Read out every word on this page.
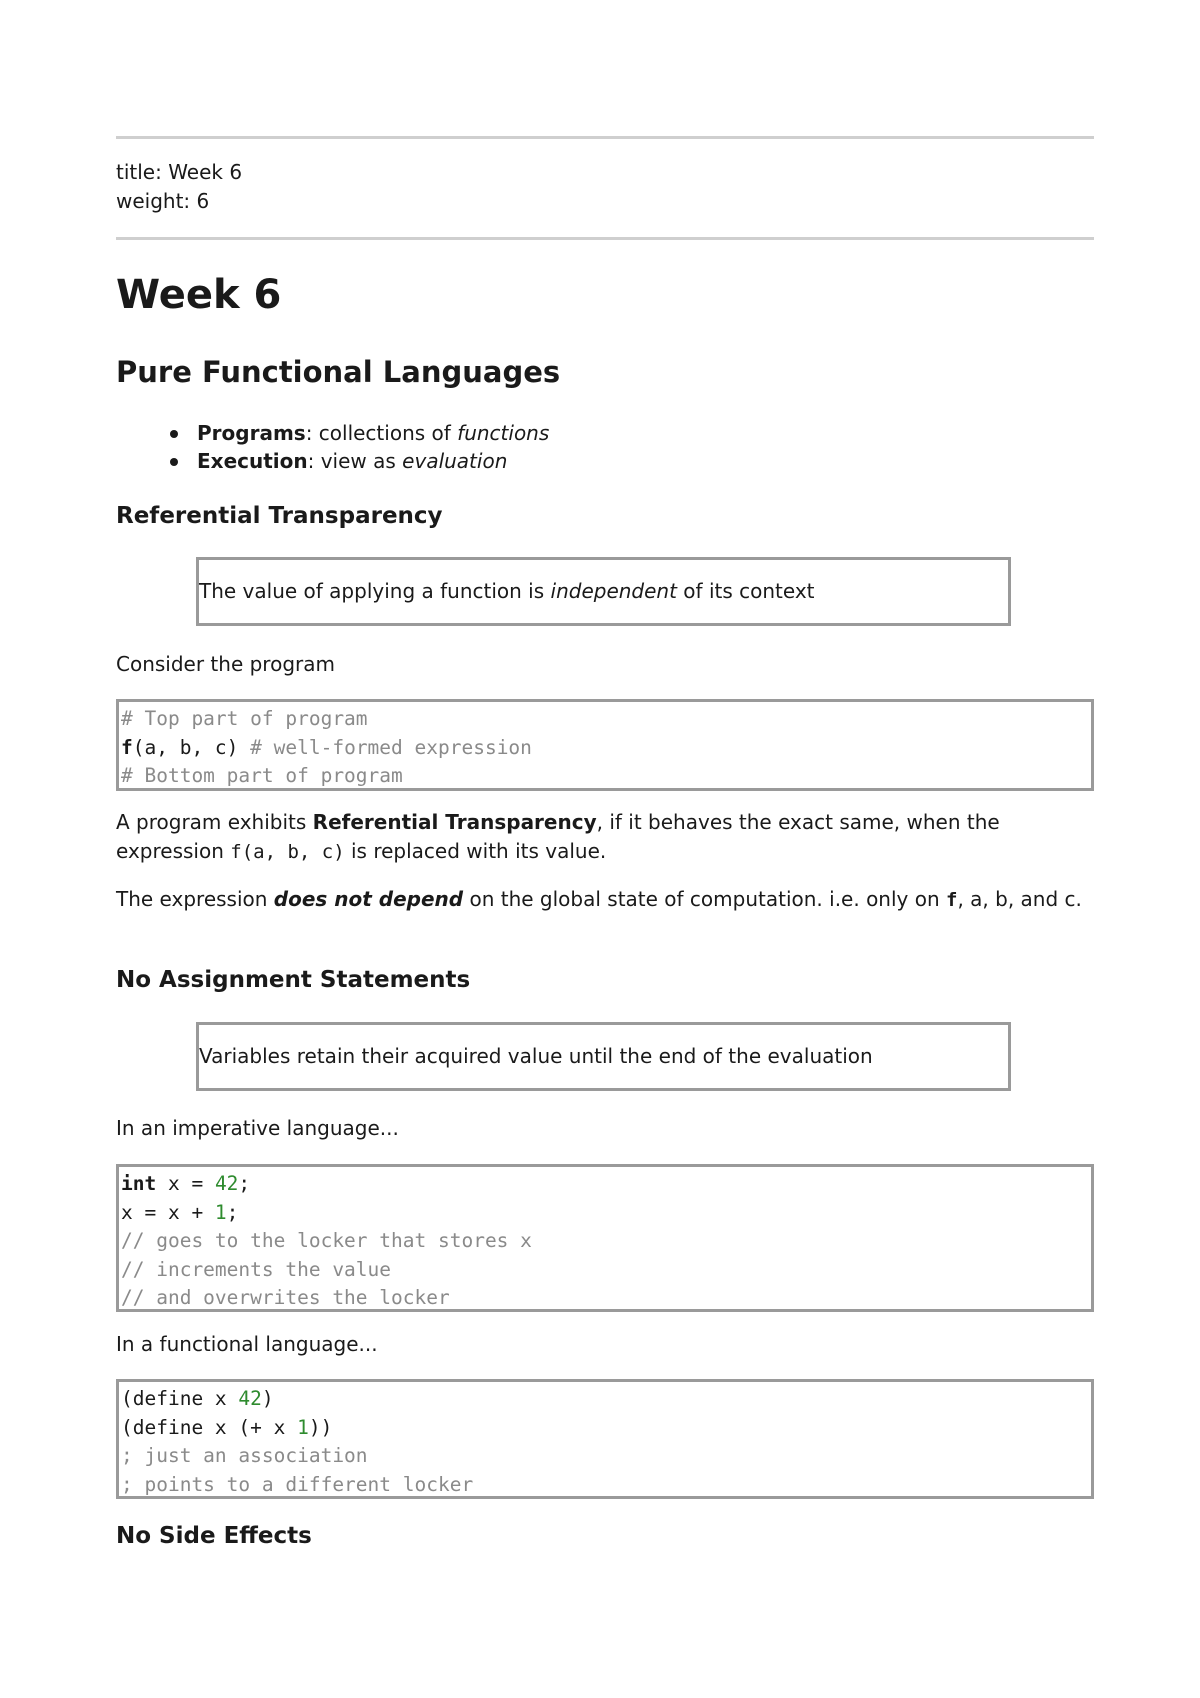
title: Week 6
weight: 6
Week 6
Pure Functional Languages
Programs: collections of functions
Execution: view as evaluation
Referential Transparency
The value of applying a function is independent of its context
Consider the program
# Top part of program
f(a, b, c) # well-formed expression
# Bottom part of program
A program exhibits Referential Transparency, if it behaves the exact same, when the expression f(a, b, c) is replaced with its value.
The expression does not depend on the global state of computation. i.e. only on f, a, b, and c.
No Assignment Statements
Variables retain their acquired value until the end of the evaluation
In an imperative language...
int x = 42;
x = x + 1;
// goes to the locker that stores x
// increments the value
// and overwrites the locker
In a functional language...
(define x 42)
(define x (+ x 1))
; just an association
; points to a different locker
No Side Effects
